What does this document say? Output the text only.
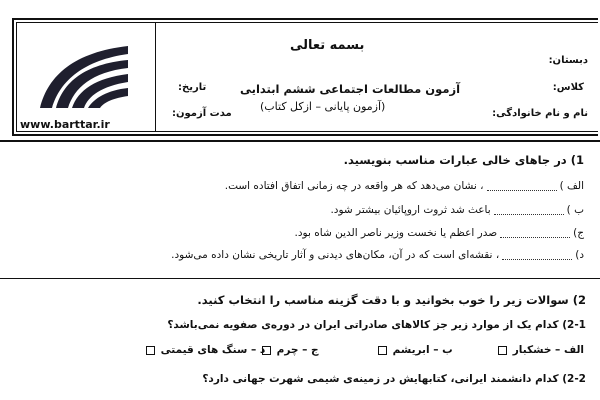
www.barttar.ir
بسمه تعالی
دبستان:
کلاس:
نام و نام خانوادگی:
آزمون مطالعات اجتماعی ششم ابتدایی
(آزمون پایانی – ازکل کتاب)
تاریخ:
مدت آزمون:
1) در جاهای خالی عبارات مناسب بنویسید.
الف )، نشان می‌دهد که هر واقعه در چه زمانی اتفاق افتاده است.
ب )باعث شد ثروت اروپائیان بیشتر شود.
ج)صدر اعظم یا نخست وزیر ناصر الدین شاه بود.
د)، نقشه‌ای است که در آن، مکان‌های دیدنی و آثار تاریخی نشان داده می‌شود.
2) سوالات زیر را خوب بخوانید و با دقت گزینه مناسب را انتخاب کنید.
2-1) کدام یک از موارد زیر جز کالاهای صادراتی ایران در دوره‌ی صفویه نمی‌باشد؟
الف – خشکبار
ب – ابریشم
ج – چرم
د – سنگ های قیمتی
2-2) کدام دانشمند ایرانی، کتابهایش در زمینه‌ی شیمی شهرت جهانی دارد؟
